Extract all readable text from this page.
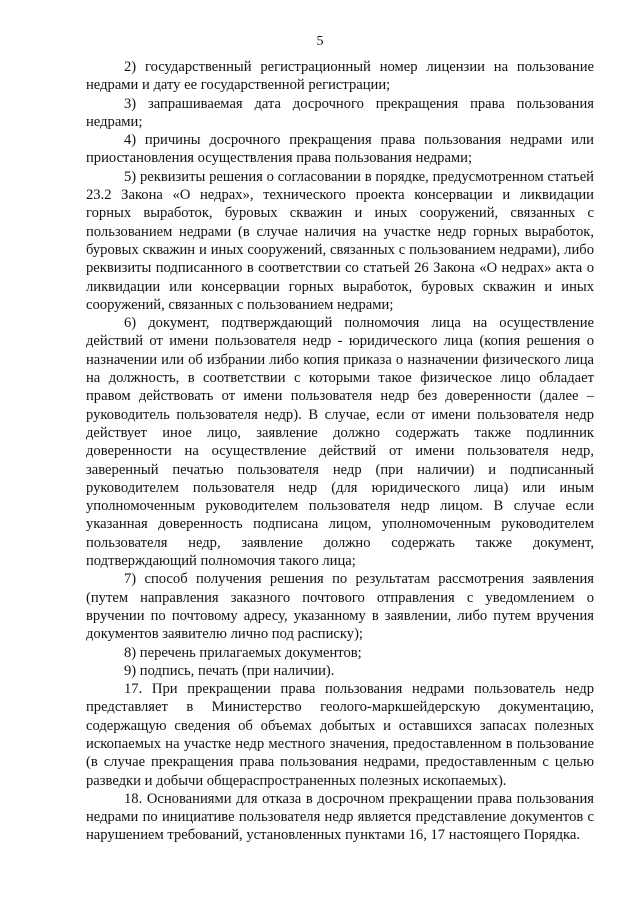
5

2) государственный регистрационный номер лицензии на пользование недрами и дату ее государственной регистрации;

3) запрашиваемая дата досрочного прекращения права пользования недрами;

4) причины досрочного прекращения права пользования недрами или приостановления осуществления права пользования недрами;

5) реквизиты решения о согласовании в порядке, предусмотренном статьей 23.2 Закона «О недрах», технического проекта консервации и ликвидации горных выработок, буровых скважин и иных сооружений, связанных с пользованием недрами (в случае наличия на участке недр горных выработок, буровых скважин и иных сооружений, связанных с пользованием недрами), либо реквизиты подписанного в соответствии со статьей 26 Закона «О недрах» акта о ликвидации или консервации горных выработок, буровых скважин и иных сооружений, связанных с пользованием недрами;

6) документ, подтверждающий полномочия лица на осуществление действий от имени пользователя недр - юридического лица (копия решения о назначении или об избрании либо копия приказа о назначении физического лица на должность, в соответствии с которыми такое физическое лицо обладает правом действовать от имени пользователя недр без доверенности (далее – руководитель пользователя недр). В случае, если от имени пользователя недр действует иное лицо, заявление должно содержать также подлинник доверенности на осуществление действий от имени пользователя недр, заверенный печатью пользователя недр (при наличии) и подписанный руководителем пользователя недр (для юридического лица) или иным уполномоченным руководителем пользователя недр лицом. В случае если указанная доверенность подписана лицом, уполномоченным руководителем пользователя недр, заявление должно содержать также документ, подтверждающий полномочия такого лица;

7) способ получения решения по результатам рассмотрения заявления (путем направления заказного почтового отправления с уведомлением о вручении по почтовому адресу, указанному в заявлении, либо путем вручения документов заявителю лично под расписку);

8) перечень прилагаемых документов;

9) подпись, печать (при наличии).

17. При прекращении права пользования недрами пользователь недр представляет в Министерство геолого-маркшейдерскую документацию, содержащую сведения об объемах добытых и оставшихся запасах полезных ископаемых на участке недр местного значения, предоставленном в пользование (в случае прекращения права пользования недрами, предоставленным с целью разведки и добычи общераспространенных полезных ископаемых).

18. Основаниями для отказа в досрочном прекращении права пользования недрами по инициативе пользователя недр является представление документов с нарушением требований, установленных пунктами 16, 17 настоящего Порядка.
